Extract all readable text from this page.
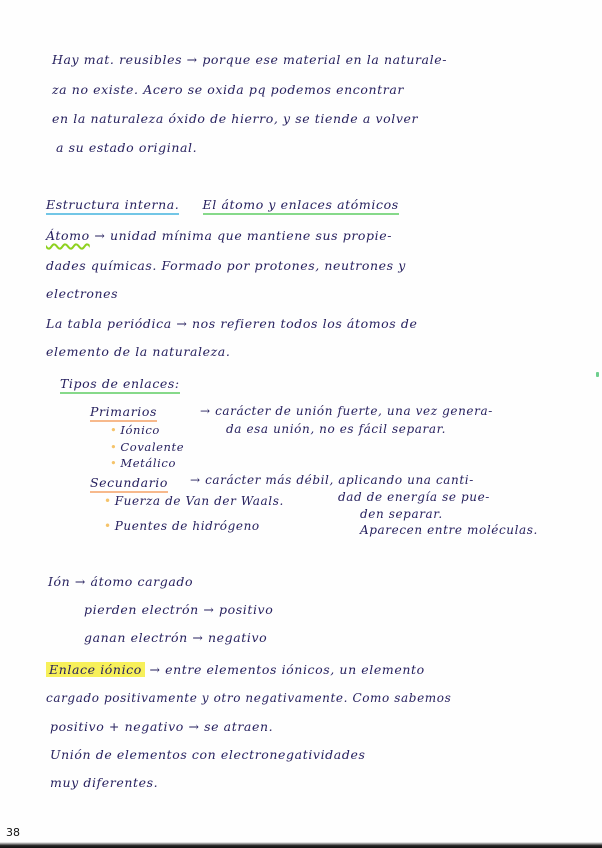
Hay mat. reusibles → porque ese material en la naturale-
za no existe. Acero se oxida pq podemos encontrar
en la naturaleza óxido de hierro, y se tiende a volver
a su estado original.
Estructura interna. El átomo y enlaces atómicos
Átomo → unidad mínima que mantiene sus propie-
dades químicas. Formado por protones, neutrones y
electrones
La tabla periódica → nos refieren todos los átomos de
elemento de la naturaleza.
Tipos de enlaces:
Primarios	→ carácter de unión fuerte, una vez genera-
da esa unión, no es fácil separar.
• Iónico
• Covalente
• Metálico
Secundario → carácter más débil, aplicando una canti-
dad de energía se pue-
den separar.
Aparecen entre moléculas.
• Fuerza de Van der Waals.
• Puentes de hidrógeno
Ión → átomo cargado
pierden electrón → positivo
ganan electrón → negativo
Enlace iónico → entre elementos iónicos, un elemento
cargado positivamente y otro negativamente. Como sabemos
positivo + negativo → se atraen.
Unión de elementos con electronegatividades
muy diferentes.
38
